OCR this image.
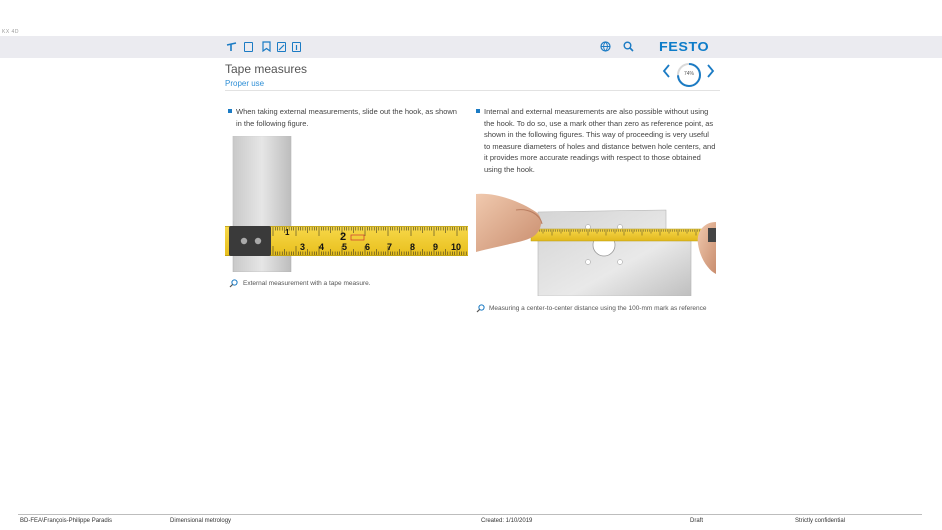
KX 4D
FESTO
Tape measures
Proper use
74%
When taking external measurements, slide out the hook, as shown in the following figure.
1	2
3 4 5 6 7 8 9 10
External measurement with a tape measure.
Internal and external measurements are also possible without using the hook. To do so, use a mark other than zero as reference point, as shown in the following figures. This way of proceeding is very useful to measure diameters of holes and distance betwen hole centers, and it provides more accurate readings with respect to those obtained using the hook.
Measuring a center-to-center distance using the 100-mm mark as reference
BD-FEA\François-Philippe Paradis	Dimensional metrology	Created: 1/10/2019	Draft	Strictly confidential
